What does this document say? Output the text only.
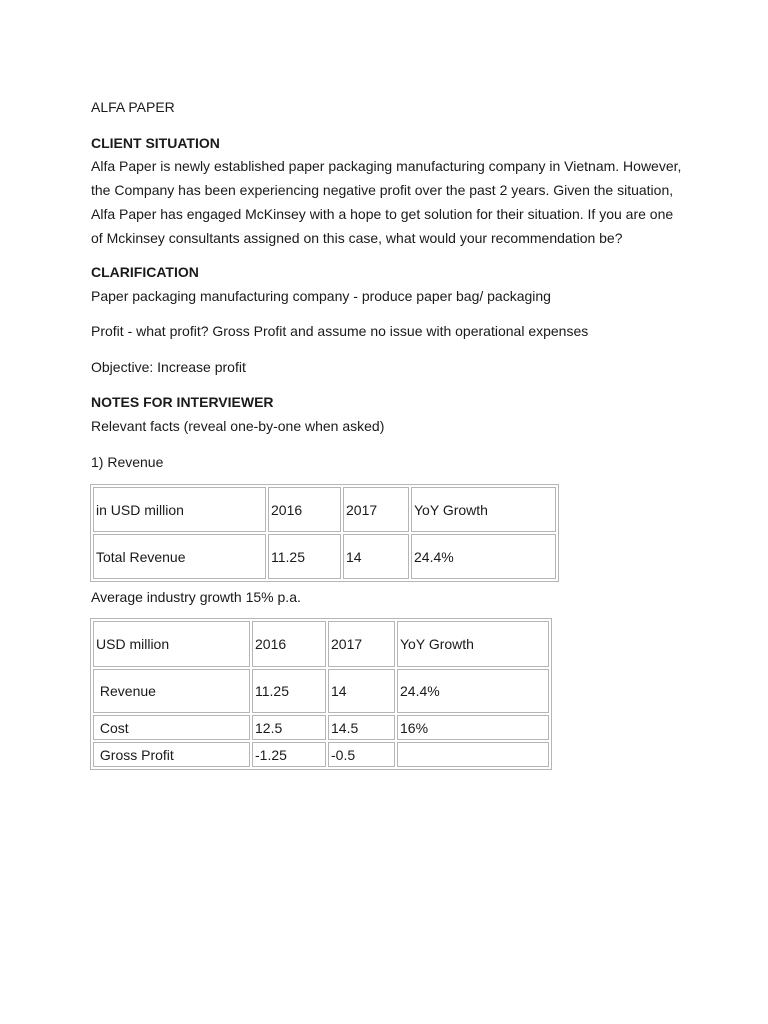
ALFA PAPER
CLIENT SITUATION
Alfa Paper is newly established paper packaging manufacturing company in Vietnam. However,
the Company has been experiencing negative profit over the past 2 years. Given the situation,
Alfa Paper has engaged McKinsey with a hope to get solution for their situation. If you are one
of Mckinsey consultants assigned on this case, what would your recommendation be?
CLARIFICATION
Paper packaging manufacturing company - produce paper bag/ packaging
Profit - what profit? Gross Profit and assume no issue with operational expenses
Objective: Increase profit
NOTES FOR INTERVIEWER
Relevant facts (reveal one-by-one when asked)
1) Revenue
in USD million	2016	2017	YoY Growth
Total Revenue	11.25	14	24.4%
Average industry growth 15% p.a.
USD million	2016	2017	YoY Growth
Revenue	11.25	14	24.4%
Cost	12.5	14.5	16%
Gross Profit	-1.25	-0.5	
